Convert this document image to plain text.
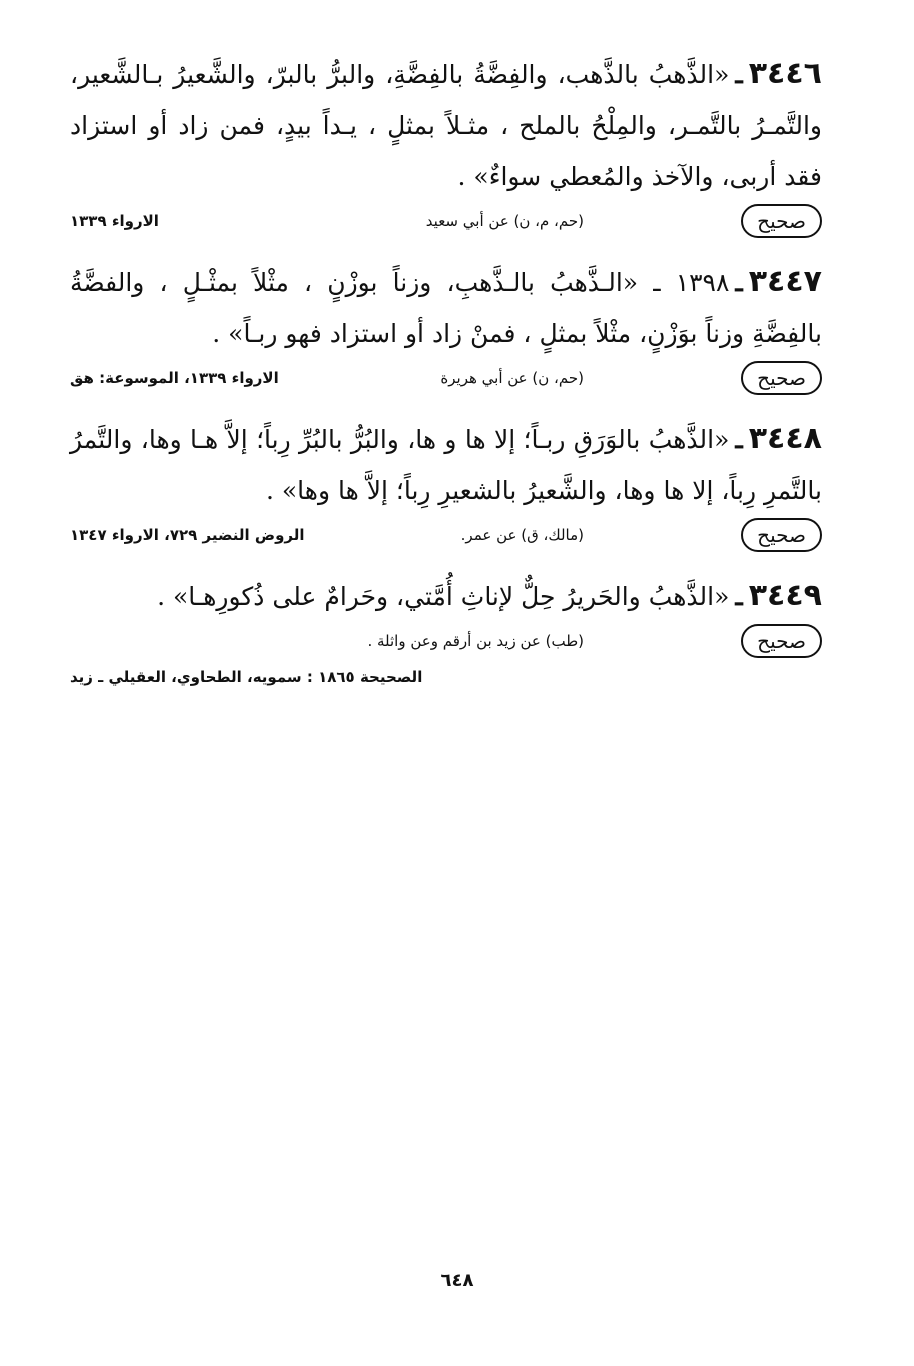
٣٤٤٦ـ«الذَّهبُ بالذَّهب، والفِضَّةُ بالفِضَّةِ، والبرُّ بالبرّ، والشَّعيرُ بـالشَّعير، والتَّمـرُ بالتَّمـر، والمِلْحُ بالملح ، مثـلاً بمثلٍ ، يـداً بيدٍ، فمن زاد أو استزاد فقد أربى، والآخذ والمُعطي سواءٌ» .
صحيح
(حم، م، ن) عن أبي سعيد
الارواء ١٣٣٩
٣٤٤٧ـ١٣٩٨ ـ «الـذَّهبُ بالـذَّهبِ، وزناً بوزْنٍ ، مثْلاً بمثْـلٍ ، والفضَّةُ بالفِضَّةِ وزناً بوَزْنٍ، مثْلاً بمثلٍ ، فمنْ زاد أو استزاد فهو ربـاً» .
صحيح
(حم، ن) عن أبي هريرة
الارواء ١٣٣٩، الموسوعة: هق
٣٤٤٨ـ«الذَّهبُ بالوَرَقِ ربـاً؛ إلا ها و ها، والبُرُّ بالبُرِّ رِباً؛ إلاَّ هـا وها، والتَّمرُ بالتَّمرِ رِباً، إلا ها وها، والشَّعيرُ بالشعيرِ رِباً؛ إلاَّ ها وها» .
صحيح
(مالك، ق) عن عمر.
الروض النضير ٧٢٩، الارواء ١٣٤٧
٣٤٤٩ـ«الذَّهبُ والحَريرُ حِلٌّ لإناثِ أُمَّتي، وحَرامٌ على ذُكورِهـا» .
صحيح
(طب) عن زيد بن أرقم وعن واثلة .
الصحيحة ١٨٦٥ : سمويه، الطحاوي، العقيلي ـ زيد
٦٤٨
